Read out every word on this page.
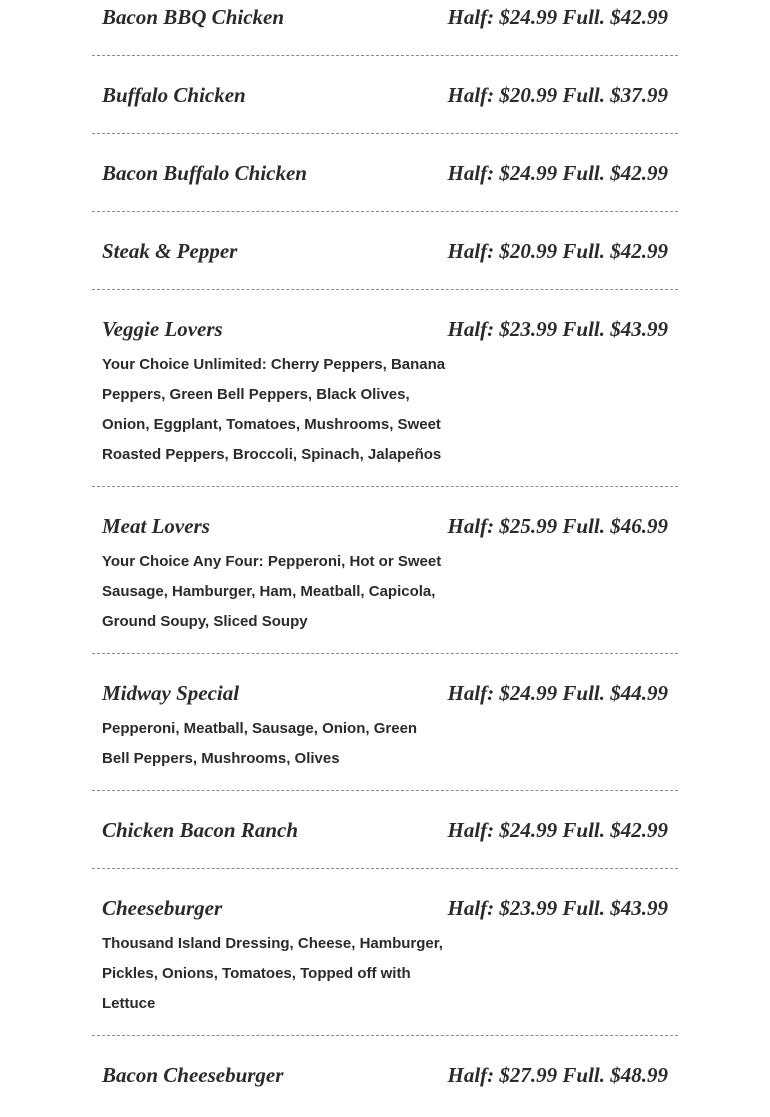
Bacon BBQ Chicken	Half: $24.99 Full. $42.99
Buffalo Chicken	Half: $20.99 Full. $37.99
Bacon Buffalo Chicken	Half: $24.99 Full. $42.99
Steak & Pepper	Half: $20.99 Full. $42.99
Veggie Lovers	Half: $23.99 Full. $43.99
Your Choice Unlimited: Cherry Peppers, Banana Peppers, Green Bell Peppers, Black Olives, Onion, Eggplant, Tomatoes, Mushrooms, Sweet Roasted Peppers, Broccoli, Spinach, Jalapeños
Meat Lovers	Half: $25.99 Full. $46.99
Your Choice Any Four: Pepperoni, Hot or Sweet Sausage, Hamburger, Ham, Meatball, Capicola, Ground Soupy, Sliced Soupy
Midway Special	Half: $24.99 Full. $44.99
Pepperoni, Meatball, Sausage, Onion, Green Bell Peppers, Mushrooms, Olives
Chicken Bacon Ranch	Half: $24.99 Full. $42.99
Cheeseburger	Half: $23.99 Full. $43.99
Thousand Island Dressing, Cheese, Hamburger, Pickles, Onions, Tomatoes, Topped off with Lettuce
Bacon Cheeseburger	Half: $27.99 Full. $48.99
